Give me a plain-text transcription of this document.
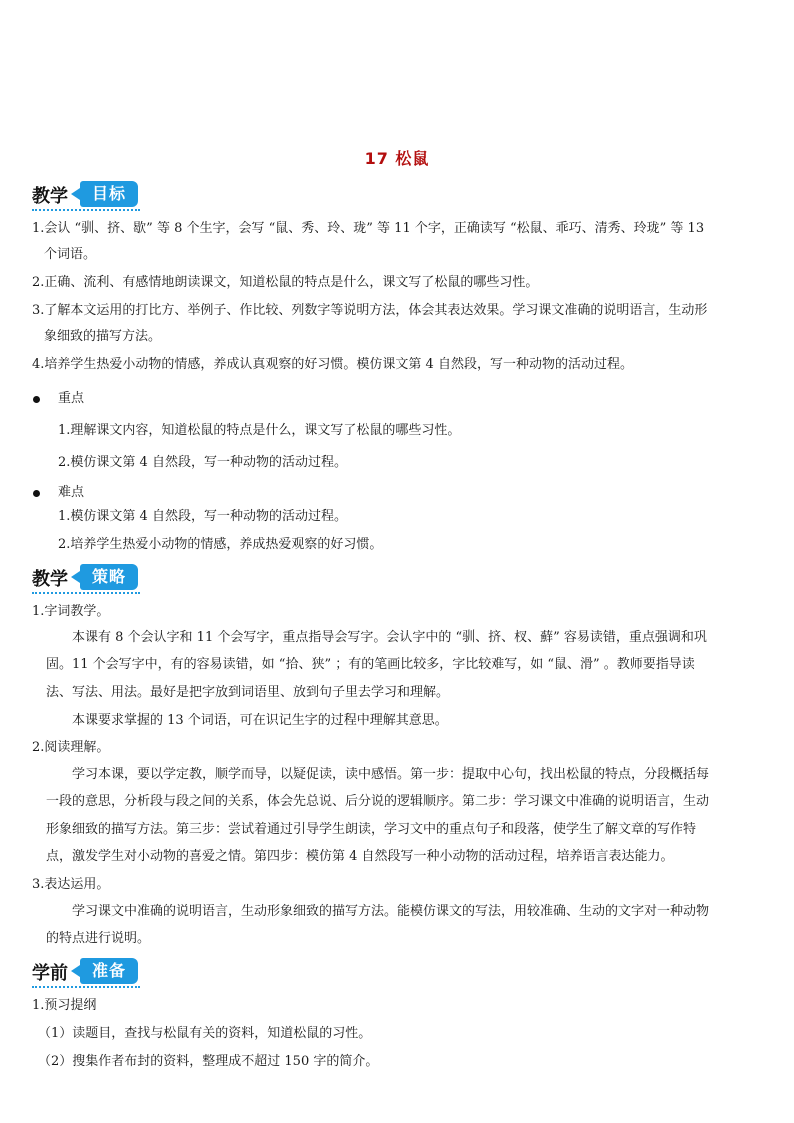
17 松鼠
教学	目标
1.会认 “驯、挤、歇” 等 8 个生字，会写 “鼠、秀、玲、珑” 等 11 个字，正确读写 “松鼠、乖巧、清秀、玲珑” 等 13
个词语。
2.正确、流利、有感情地朗读课文，知道松鼠的特点是什么，课文写了松鼠的哪些习性。
3.了解本文运用的打比方、举例子、作比较、列数字等说明方法，体会其表达效果。学习课文准确的说明语言，生动形
象细致的描写方法。
4.培养学生热爱小动物的情感，养成认真观察的好习惯。模仿课文第 4 自然段，写一种动物的活动过程。
重点
1.理解课文内容，知道松鼠的特点是什么，课文写了松鼠的哪些习性。
2.模仿课文第 4 自然段，写一种动物的活动过程。
难点
1.模仿课文第 4 自然段，写一种动物的活动过程。
2.培养学生热爱小动物的情感，养成热爱观察的好习惯。
教学	策略
1.字词教学。
本课有 8 个会认字和 11 个会写字，重点指导会写字。会认字中的 “驯、挤、杈、蘚” 容易读错，重点强调和巩
固。11 个会写字中，有的容易读错，如 “拾、狭” ；有的笔画比较多，字比较难写，如 “鼠、滑” 。教师要指导读
法、写法、用法。最好是把字放到词语里、放到句子里去学习和理解。
本课要求掌握的 13 个词语，可在识记生字的过程中理解其意思。
2.阅读理解。
学习本课，要以学定教，顺学而导，以疑促读，读中感悟。第一步：提取中心句，找出松鼠的特点，分段概括每
一段的意思，分析段与段之间的关系，体会先总说、后分说的逻辑顺序。第二步：学习课文中准确的说明语言，生动
形象细致的描写方法。第三步：尝试着通过引导学生朗读，学习文中的重点句子和段落，使学生了解文章的写作特
点，激发学生对小动物的喜爱之情。第四步：模仿第 4 自然段写一种小动物的活动过程，培养语言表达能力。
3.表达运用。
学习课文中准确的说明语言，生动形象细致的描写方法。能模仿课文的写法，用较准确、生动的文字对一种动物
的特点进行说明。
学前	准备
1.预习提纲
（1）读题目，查找与松鼠有关的资料，知道松鼠的习性。
（2）搜集作者布封的资料，整理成不超过 150 字的简介。
